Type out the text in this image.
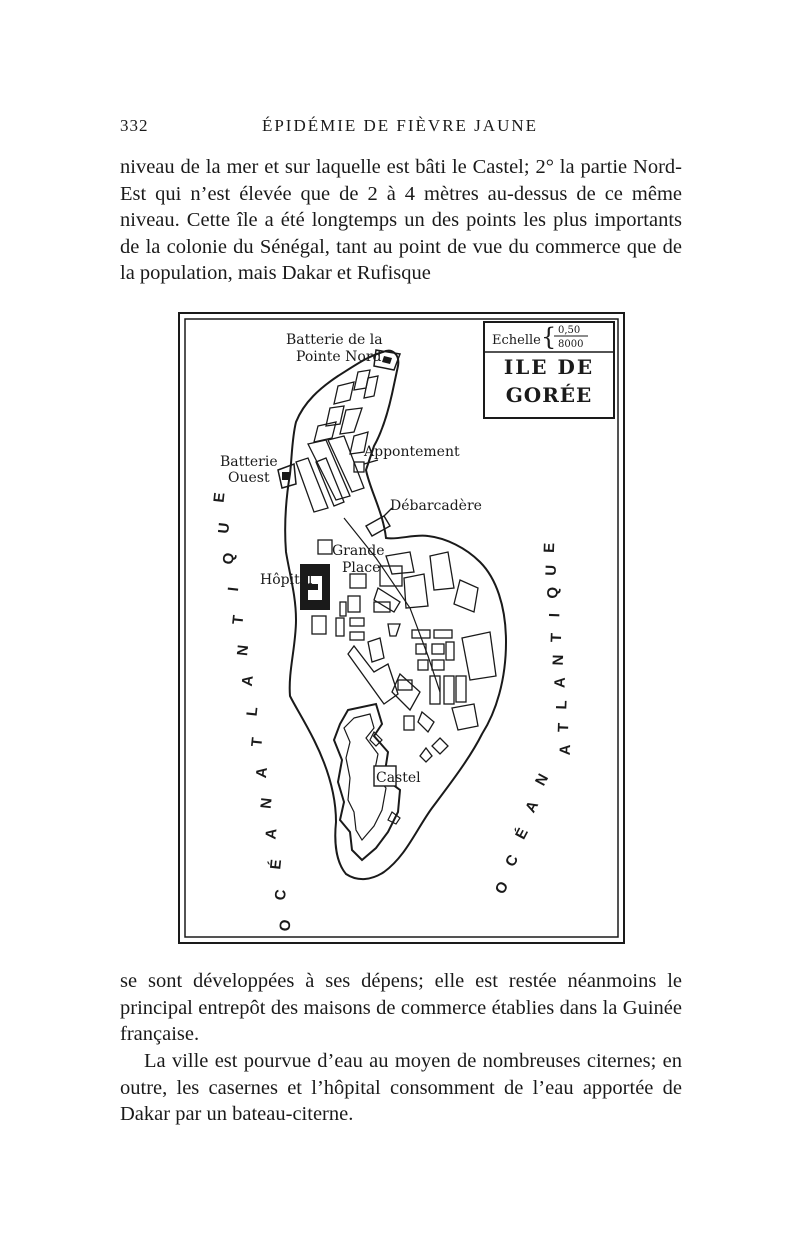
332	ÉPIDÉMIE DE FIÈVRE JAUNE

niveau de la mer et sur laquelle est bâti le Castel; 2° la partie Nord-Est qui n’est élevée que de 2 à 4 mètres au-dessus de ce même niveau. Cette île a été longtemps un des points les plus importants de la colonie du Sénégal, tant au point de vue du commerce que de la population, mais Dakar et Rufisque

Echelle { 0,50
8000
ILE DE
GORÉE
Batterie de la
Pointe Nord
Batterie
Ouest
Appontement
Débarcadère
Grande
Place
Hôpital
Castel
O
C
É
A
N
A
T
L
A
N
T
I
Q
U
E
A
T
L
A
N
T
I
Q
U
E
O
C
É
A
N

se sont développées à ses dépens; elle est restée néanmoins le principal entrepôt des maisons de commerce établies dans la Guinée française.

La ville est pourvue d’eau au moyen de nombreuses citernes; en outre, les casernes et l’hôpital consomment de l’eau apportée de Dakar par un bateau-citerne.
